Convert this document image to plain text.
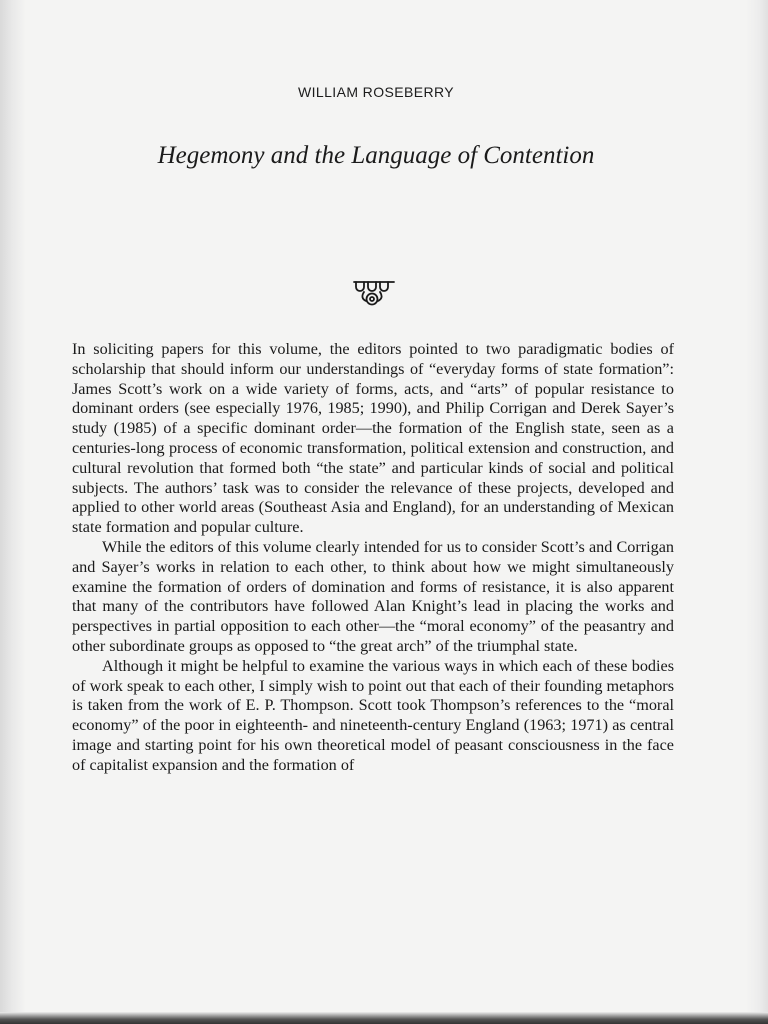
WILLIAM ROSEBERRY
Hegemony and the Language of Contention

In soliciting papers for this volume, the editors pointed to two paradigmatic bodies of scholarship that should inform our understandings of “everyday forms of state formation”: James Scott’s work on a wide variety of forms, acts, and “arts” of popular resistance to dominant orders (see especially 1976, 1985; 1990), and Philip Corrigan and Derek Sayer’s study (1985) of a specific dominant order—the formation of the English state, seen as a centuries-long process of economic transformation, political extension and construction, and cultural revolution that formed both “the state” and particular kinds of social and political subjects. The authors’ task was to consider the relevance of these projects, developed and applied to other world areas (Southeast Asia and England), for an understanding of Mexican state formation and popular culture.

While the editors of this volume clearly intended for us to consider Scott’s and Corrigan and Sayer’s works in relation to each other, to think about how we might simultaneously examine the formation of orders of domination and forms of resistance, it is also apparent that many of the contributors have followed Alan Knight’s lead in placing the works and perspectives in partial opposition to each other—the “moral economy” of the peasantry and other subordinate groups as opposed to “the great arch” of the triumphal state.

Although it might be helpful to examine the various ways in which each of these bodies of work speak to each other, I simply wish to point out that each of their founding metaphors is taken from the work of E. P. Thompson. Scott took Thompson’s references to the “moral economy” of the poor in eighteenth- and nineteenth-century England (1963; 1971) as central image and starting point for his own theoretical model of peasant consciousness in the face of capitalist expansion and the formation of
